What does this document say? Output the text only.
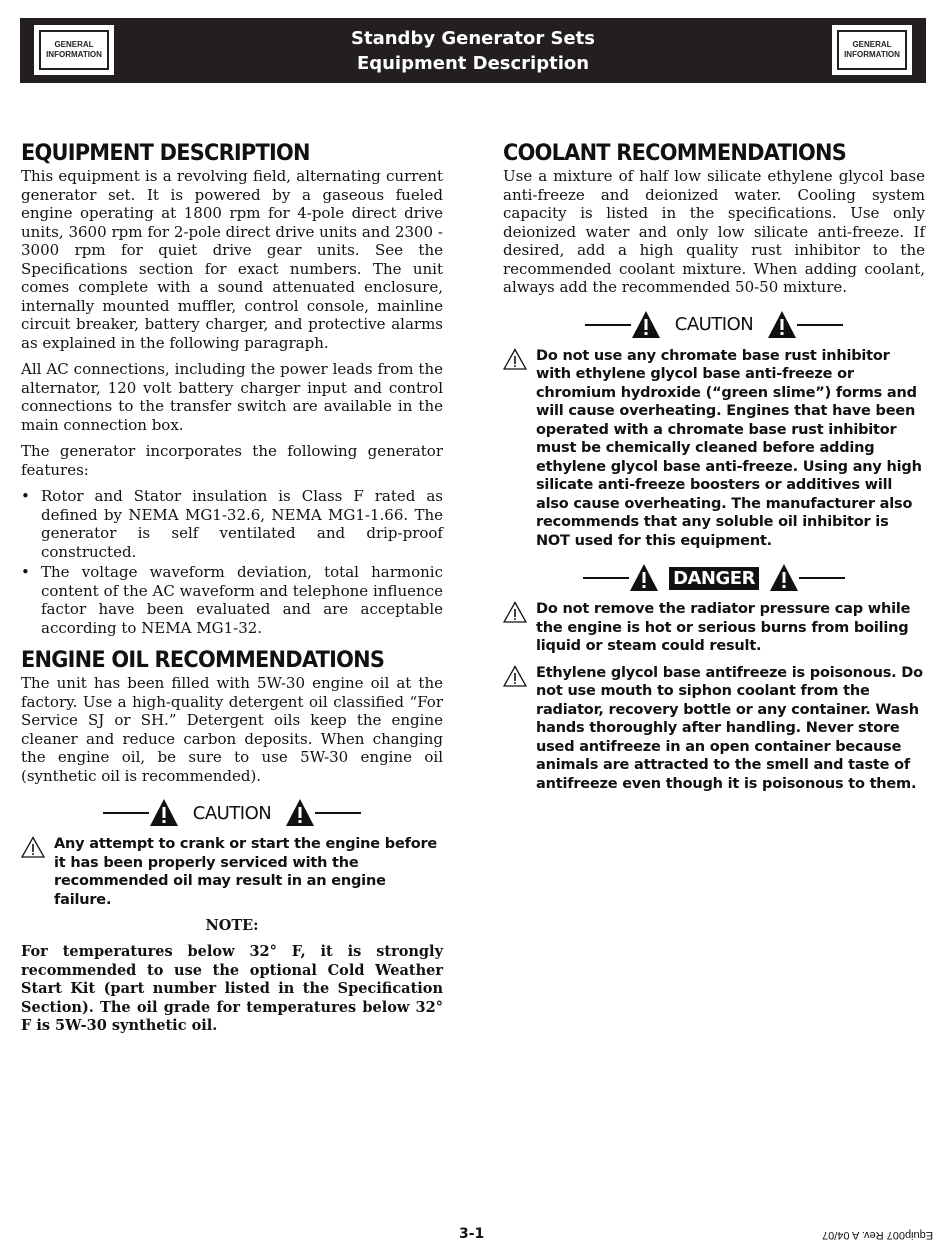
GENERAL
INFORMATION
Standby Generator Sets
Equipment Description
GENERAL
INFORMATION
EQUIPMENT DESCRIPTION

This equipment is a revolving field, alternating current generator set. It is powered by a gaseous fueled engine operating at 1800 rpm for 4-pole direct drive units, 3600 rpm for 2-pole direct drive units and 2300 - 3000 rpm for quiet drive gear units. See the Specifications section for exact numbers. The unit comes complete with a sound attenuated enclosure, internally mounted muffler, control console, mainline circuit breaker, battery charger, and protective alarms as explained in the following paragraph.

All AC connections, including the power leads from the alternator, 120 volt battery charger input and control connections to the transfer switch are available in the main connection box.

The generator incorporates the following generator features:

• Rotor and Stator insulation is Class F rated as defined by NEMA MG1-32.6, NEMA MG1-1.66. The generator is self ventilated and drip-proof constructed.
• The voltage waveform deviation, total harmonic content of the AC waveform and telephone influence factor have been evaluated and are acceptable according to NEMA MG1-32.
ENGINE OIL RECOMMENDATIONS

The unit has been filled with 5W-30 engine oil at the factory. Use a high-quality detergent oil classified “For Service SJ or SH.” Detergent oils keep the engine cleaner and reduce carbon deposits. When changing the engine oil, be sure to use 5W-30 engine oil (synthetic oil is recommended).

CAUTION
Any attempt to crank or start the engine before it has been properly serviced with the recommended oil may result in an engine failure.
NOTE:
For temperatures below 32° F, it is strongly recommended to use the optional Cold Weather Start Kit (part number listed in the Specification Section). The oil grade for temperatures below 32° F is 5W-30 synthetic oil.
COOLANT RECOMMENDATIONS

Use a mixture of half low silicate ethylene glycol base anti-freeze and deionized water. Cooling system capacity is listed in the specifications. Use only deionized water and only low silicate anti-freeze. If desired, add a high quality rust inhibitor to the recommended coolant mixture. When adding coolant, always add the recommended 50-50 mixture.

CAUTION
Do not use any chromate base rust inhibitor with ethylene glycol base anti-freeze or chromium hydroxide (“green slime”) forms and will cause overheating. Engines that have been operated with a chromate base rust inhibitor must be chemically cleaned before adding ethylene glycol base anti-freeze. Using any high silicate anti-freeze boosters or additives will also cause overheating. The manufacturer also recommends that any soluble oil inhibitor is NOT used for this equipment.
DANGER
Do not remove the radiator pressure cap while the engine is hot or serious burns from boiling liquid or steam could result.
Ethylene glycol base antifreeze is poisonous. Do not use mouth to siphon coolant from the radiator, recovery bottle or any container. Wash hands thoroughly after handling. Never store used antifreeze in an open container because animals are attracted to the smell and taste of antifreeze even though it is poisonous to them.
3-1	Equip007 Rev. A 04/07
